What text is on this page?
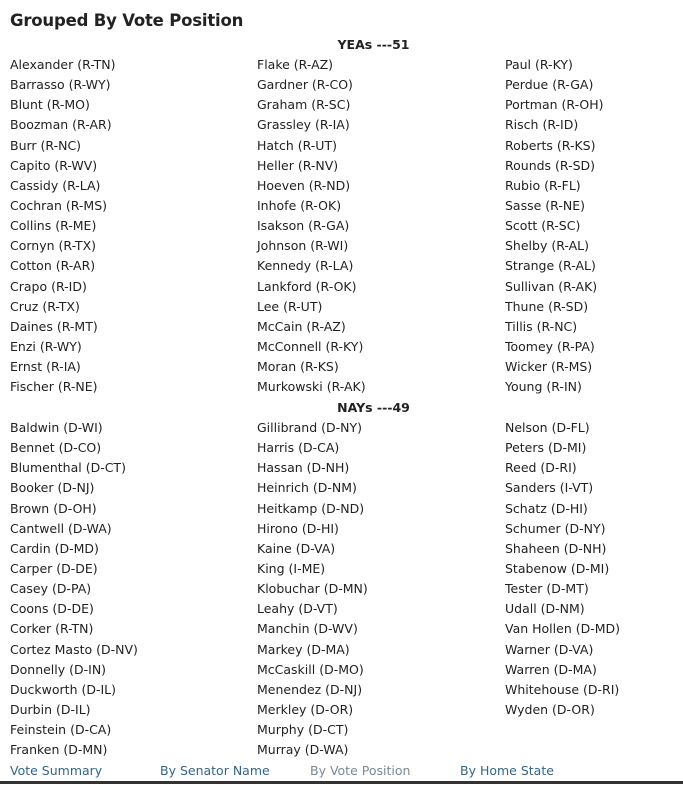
Grouped By Vote Position
YEAs ---51
Alexander (R-TN)
Barrasso (R-WY)
Blunt (R-MO)
Boozman (R-AR)
Burr (R-NC)
Capito (R-WV)
Cassidy (R-LA)
Cochran (R-MS)
Collins (R-ME)
Cornyn (R-TX)
Cotton (R-AR)
Crapo (R-ID)
Cruz (R-TX)
Daines (R-MT)
Enzi (R-WY)
Ernst (R-IA)
Fischer (R-NE)
Flake (R-AZ)
Gardner (R-CO)
Graham (R-SC)
Grassley (R-IA)
Hatch (R-UT)
Heller (R-NV)
Hoeven (R-ND)
Inhofe (R-OK)
Isakson (R-GA)
Johnson (R-WI)
Kennedy (R-LA)
Lankford (R-OK)
Lee (R-UT)
McCain (R-AZ)
McConnell (R-KY)
Moran (R-KS)
Murkowski (R-AK)
Paul (R-KY)
Perdue (R-GA)
Portman (R-OH)
Risch (R-ID)
Roberts (R-KS)
Rounds (R-SD)
Rubio (R-FL)
Sasse (R-NE)
Scott (R-SC)
Shelby (R-AL)
Strange (R-AL)
Sullivan (R-AK)
Thune (R-SD)
Tillis (R-NC)
Toomey (R-PA)
Wicker (R-MS)
Young (R-IN)
NAYs ---49
Baldwin (D-WI)
Bennet (D-CO)
Blumenthal (D-CT)
Booker (D-NJ)
Brown (D-OH)
Cantwell (D-WA)
Cardin (D-MD)
Carper (D-DE)
Casey (D-PA)
Coons (D-DE)
Corker (R-TN)
Cortez Masto (D-NV)
Donnelly (D-IN)
Duckworth (D-IL)
Durbin (D-IL)
Feinstein (D-CA)
Franken (D-MN)
Gillibrand (D-NY)
Harris (D-CA)
Hassan (D-NH)
Heinrich (D-NM)
Heitkamp (D-ND)
Hirono (D-HI)
Kaine (D-VA)
King (I-ME)
Klobuchar (D-MN)
Leahy (D-VT)
Manchin (D-WV)
Markey (D-MA)
McCaskill (D-MO)
Menendez (D-NJ)
Merkley (D-OR)
Murphy (D-CT)
Murray (D-WA)
Nelson (D-FL)
Peters (D-MI)
Reed (D-RI)
Sanders (I-VT)
Schatz (D-HI)
Schumer (D-NY)
Shaheen (D-NH)
Stabenow (D-MI)
Tester (D-MT)
Udall (D-NM)
Van Hollen (D-MD)
Warner (D-VA)
Warren (D-MA)
Whitehouse (D-RI)
Wyden (D-OR)
Vote Summary	By Senator Name	By Vote Position	By Home State
